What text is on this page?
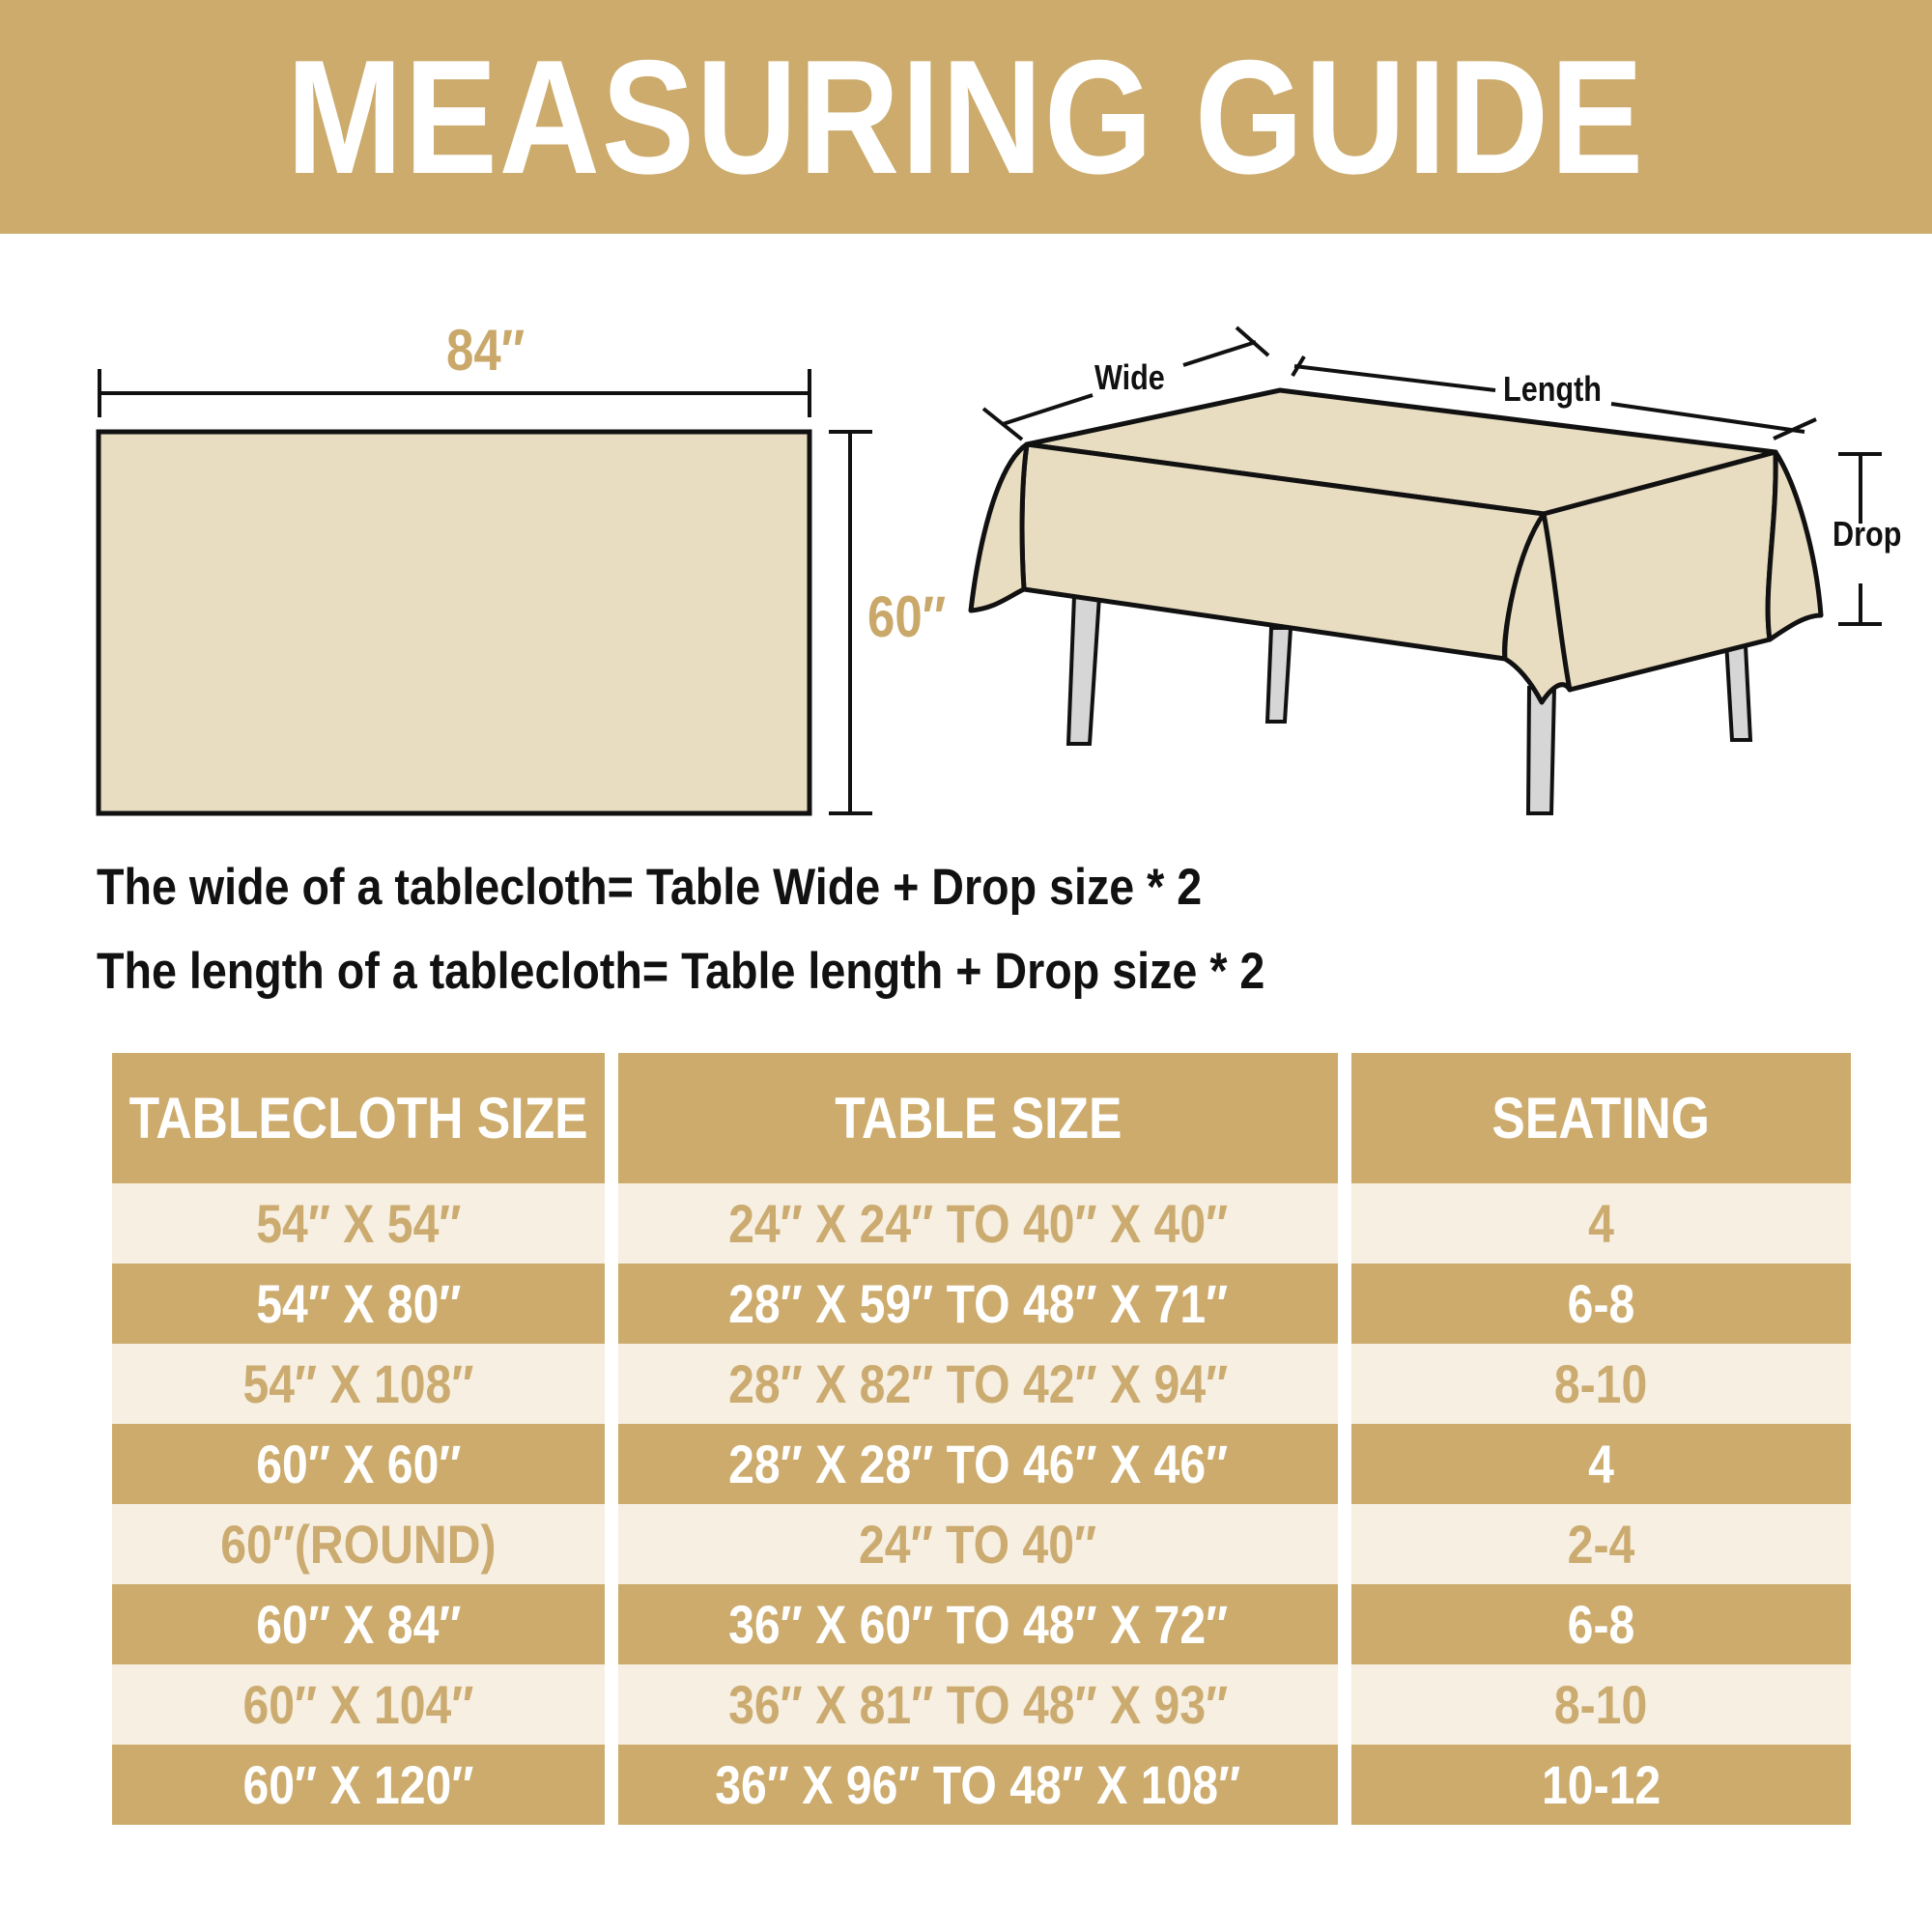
MEASURING GUIDE
84″
60″
Wide	Length
Drop
The wide of a tablecloth= Table Wide + Drop size * 2
The length of a tablecloth= Table length + Drop size * 2
TABLECLOTH SIZE	TABLE SIZE	SEATING
54″ X 54″	24″ X 24″ TO 40″ X 40″	4
54″ X 80″	28″ X 59″ TO 48″ X 71″	6-8
54″ X 108″	28″ X 82″ TO 42″ X 94″	8-10
60″ X 60″	28″ X 28″ TO 46″ X 46″	4
60″(ROUND)	24″ TO 40″	2-4
60″ X 84″	36″ X 60″ TO 48″ X 72″	6-8
60″ X 104″	36″ X 81″ TO 48″ X 93″	8-10
60″ X 120″	36″ X 96″ TO 48″ X 108″	10-12
